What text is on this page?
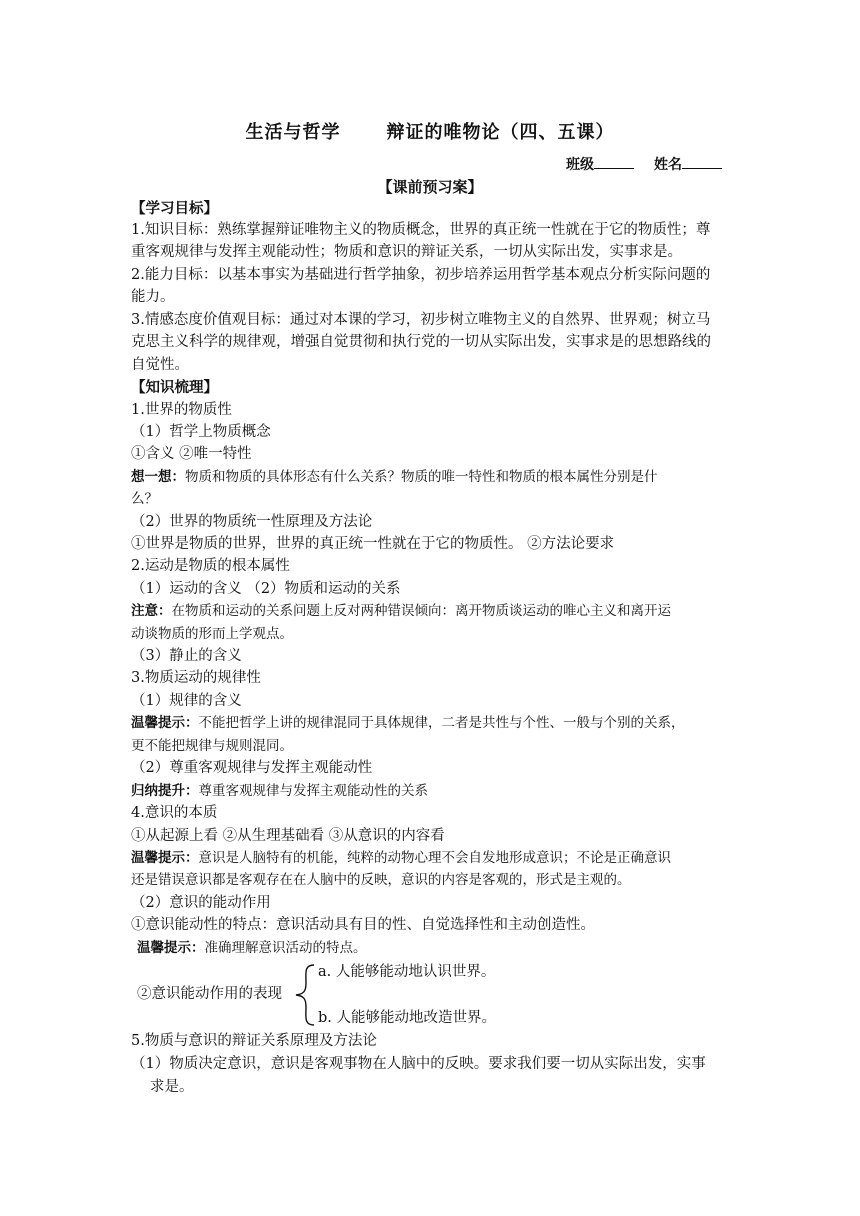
生活与哲学	辩证的唯物论（四、五课）
班级	姓名
【课前预习案】
【学习目标】
1.知识目标：熟练掌握辩证唯物主义的物质概念，世界的真正统一性就在于它的物质性；尊
重客观规律与发挥主观能动性；物质和意识的辩证关系，一切从实际出发，实事求是。
2.能力目标：以基本事实为基础进行哲学抽象，初步培养运用哲学基本观点分析实际问题的
能力。
3.情感态度价值观目标：通过对本课的学习，初步树立唯物主义的自然界、世界观；树立马
克思主义科学的规律观，增强自觉贯彻和执行党的一切从实际出发，实事求是的思想路线的
自觉性。
【知识梳理】
1.世界的物质性
（1）哲学上物质概念
①含义 ②唯一特性
想一想：物质和物质的具体形态有什么关系？物质的唯一特性和物质的根本属性分别是什
么？
（2）世界的物质统一性原理及方法论
①世界是物质的世界，世界的真正统一性就在于它的物质性。 ②方法论要求
2.运动是物质的根本属性
（1）运动的含义 （2）物质和运动的关系
注意：在物质和运动的关系问题上反对两种错误倾向：离开物质谈运动的唯心主义和离开运
动谈物质的形而上学观点。
（3）静止的含义
3.物质运动的规律性
（1）规律的含义
温馨提示：不能把哲学上讲的规律混同于具体规律，二者是共性与个性、一般与个别的关系，
更不能把规律与规则混同。
（2）尊重客观规律与发挥主观能动性
归纳提升：尊重客观规律与发挥主观能动性的关系
4.意识的本质
①从起源上看 ②从生理基础看 ③从意识的内容看
温馨提示：意识是人脑特有的机能，纯粹的动物心理不会自发地形成意识；不论是正确意识
还是错误意识都是客观存在在人脑中的反映，意识的内容是客观的，形式是主观的。
（2）意识的能动作用
①意识能动性的特点：意识活动具有目的性、自觉选择性和主动创造性。
温馨提示：准确理解意识活动的特点。
②意识能动作用的表现
a. 人能够能动地认识世界。
b. 人能够能动地改造世界。
5.物质与意识的辩证关系原理及方法论
（1）物质决定意识，意识是客观事物在人脑中的反映。要求我们要一切从实际出发，实事
求是。
